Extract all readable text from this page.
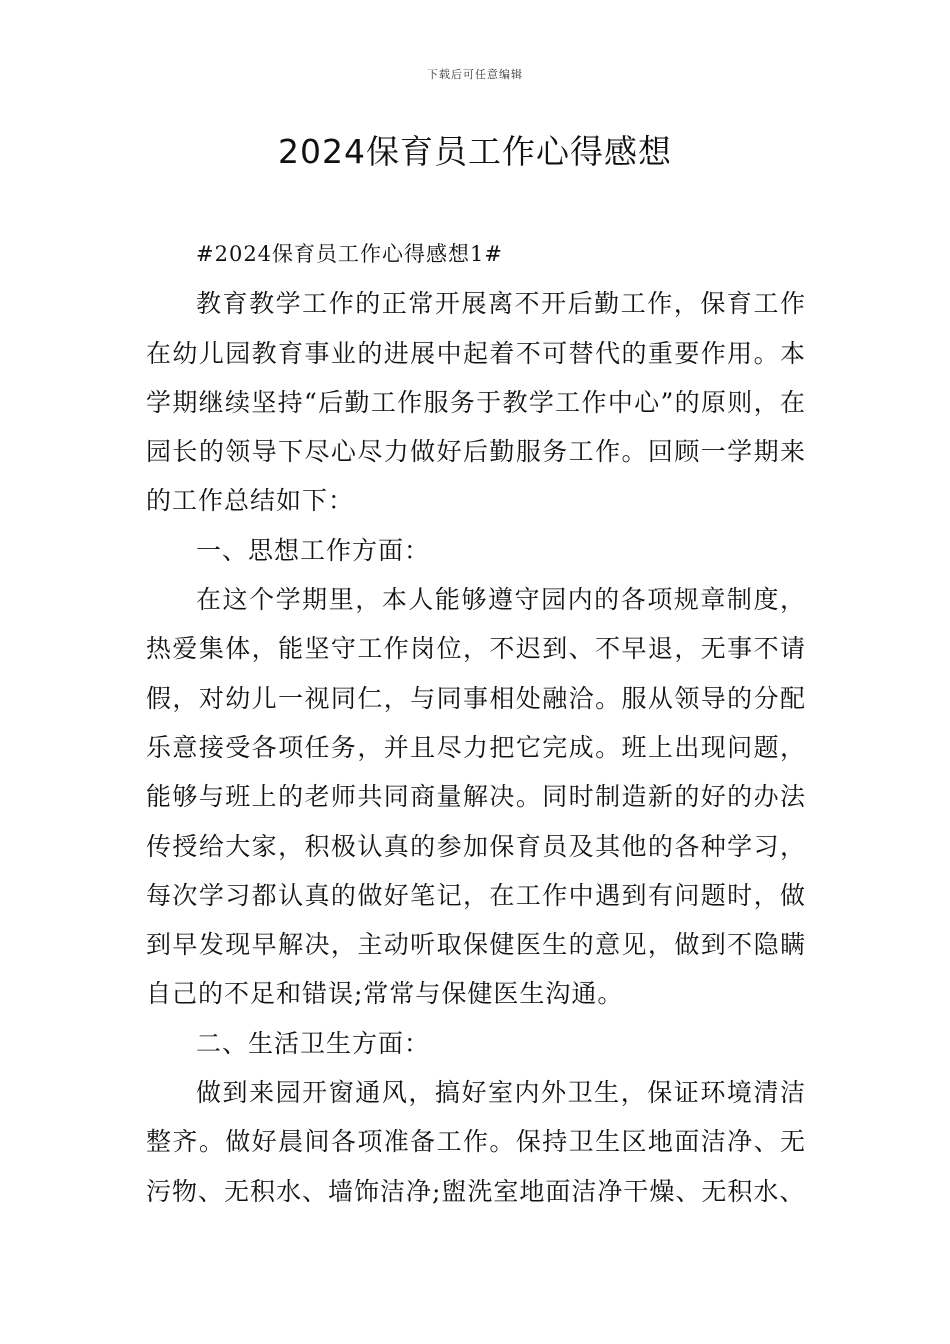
下载后可任意编辑
2024保育员工作心得感想

#2024保育员工作心得感想1#

教育教学工作的正常开展离不开后勤工作，保育工作在幼儿园教育事业的进展中起着不可替代的重要作用。本学期继续坚持“后勤工作服务于教学工作中心”的原则，在园长的领导下尽心尽力做好后勤服务工作。回顾一学期来的工作总结如下：

一、思想工作方面：

在这个学期里，本人能够遵守园内的各项规章制度，热爱集体，能坚守工作岗位，不迟到、不早退，无事不请假，对幼儿一视同仁，与同事相处融洽。服从领导的分配乐意接受各项任务，并且尽力把它完成。班上出现问题，能够与班上的老师共同商量解决。同时制造新的好的办法传授给大家，积极认真的参加保育员及其他的各种学习，每次学习都认真的做好笔记，在工作中遇到有问题时，做到早发现早解决，主动听取保健医生的意见，做到不隐瞒自己的不足和错误;常常与保健医生沟通。

二、生活卫生方面：

做到来园开窗通风，搞好室内外卫生，保证环境清洁整齐。做好晨间各项准备工作。保持卫生区地面洁净、无污物、无积水、墙饰洁净;盥洗室地面洁净干燥、无积水、
